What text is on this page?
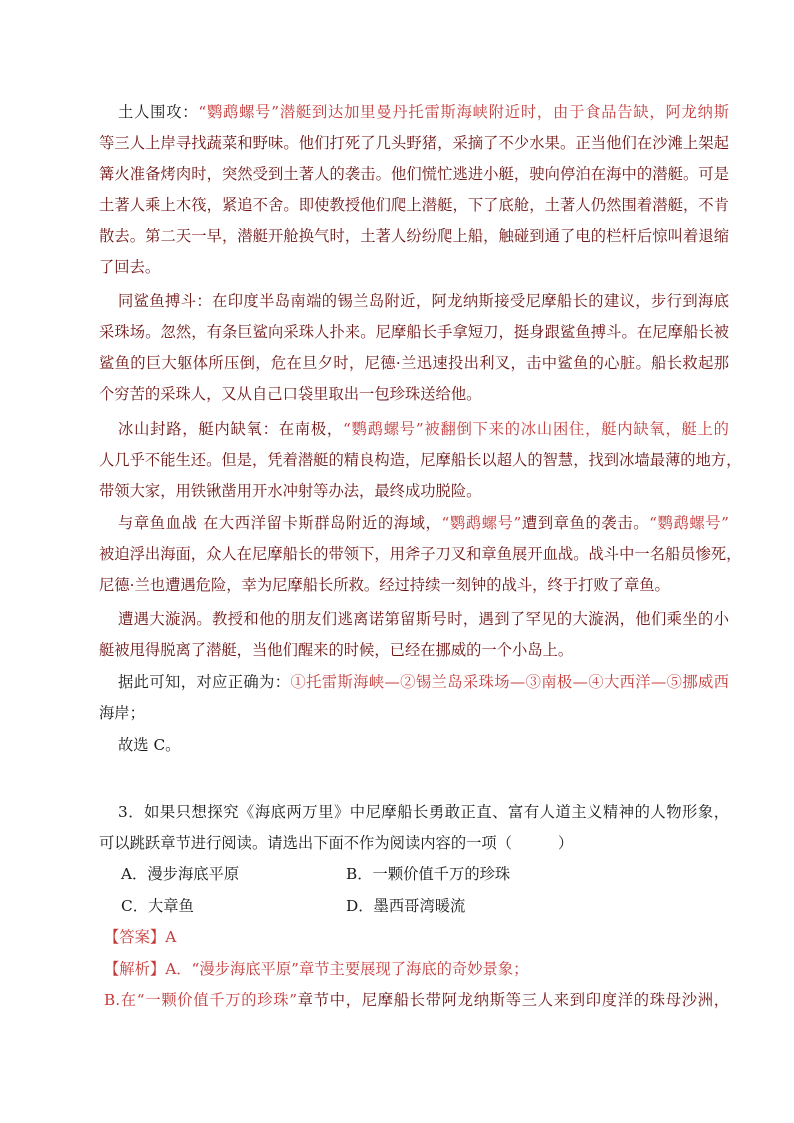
土人围攻：“鹦鹉螺号”潜艇到达加里曼丹托雷斯海峡附近时，由于食品告缺，阿龙纳斯
等三人上岸寻找蔬菜和野味。他们打死了几头野猪，采摘了不少水果。正当他们在沙滩上架起
篝火准备烤肉时，突然受到土著人的袭击。他们慌忙逃进小艇，驶向停泊在海中的潜艇。可是
土著人乘上木筏，紧追不舍。即使教授他们爬上潜艇，下了底舱，土著人仍然围着潜艇，不肯
散去。第二天一早，潜艇开舱换气时，土著人纷纷爬上船，触碰到通了电的栏杆后惊叫着退缩
了回去。
同鲨鱼搏斗：在印度半岛南端的锡兰岛附近，阿龙纳斯接受尼摩船长的建议，步行到海底
采珠场。忽然，有条巨鲨向采珠人扑来。尼摩船长手拿短刀，挺身跟鲨鱼搏斗。在尼摩船长被
鲨鱼的巨大躯体所压倒，危在旦夕时，尼德·兰迅速投出利叉，击中鲨鱼的心脏。船长救起那
个穷苦的采珠人，又从自己口袋里取出一包珍珠送给他。
冰山封路，艇内缺氧：在南极，“鹦鹉螺号”被翻倒下来的冰山困住，艇内缺氧，艇上的
人几乎不能生还。但是，凭着潜艇的精良构造，尼摩船长以超人的智慧，找到冰墙最薄的地方，
带领大家，用铁锹凿用开水冲射等办法，最终成功脱险。
与章鱼血战 在大西洋留卡斯群岛附近的海域，“鹦鹉螺号”遭到章鱼的袭击。“鹦鹉螺号”
被迫浮出海面，众人在尼摩船长的带领下，用斧子刀叉和章鱼展开血战。战斗中一名船员惨死，
尼德·兰也遭遇危险，幸为尼摩船长所救。经过持续一刻钟的战斗，终于打败了章鱼。
遭遇大漩涡。教授和他的朋友们逃离诺第留斯号时，遇到了罕见的大漩涡，他们乘坐的小
艇被甩得脱离了潜艇，当他们醒来的时候，已经在挪威的一个小岛上。
据此可知，对应正确为：①托雷斯海峡—②锡兰岛采珠场—③南极—④大西洋—⑤挪威西
海岸；
故选 C。
3．如果只想探究《海底两万里》中尼摩船长勇敢正直、富有人道主义精神的人物形象，
可以跳跃章节进行阅读。请选出下面不作为阅读内容的一项（　　　）
【答案】A
【解析】A．“漫步海底平原”章节主要展现了海底的奇妙景象；
B.在“一颗价值千万的珍珠”章节中，尼摩船长带阿龙纳斯等三人来到印度洋的珠母沙洲，
A．漫步海底平原	B．一颗价值千万的珍珠
C．大章鱼	D．墨西哥湾暖流
